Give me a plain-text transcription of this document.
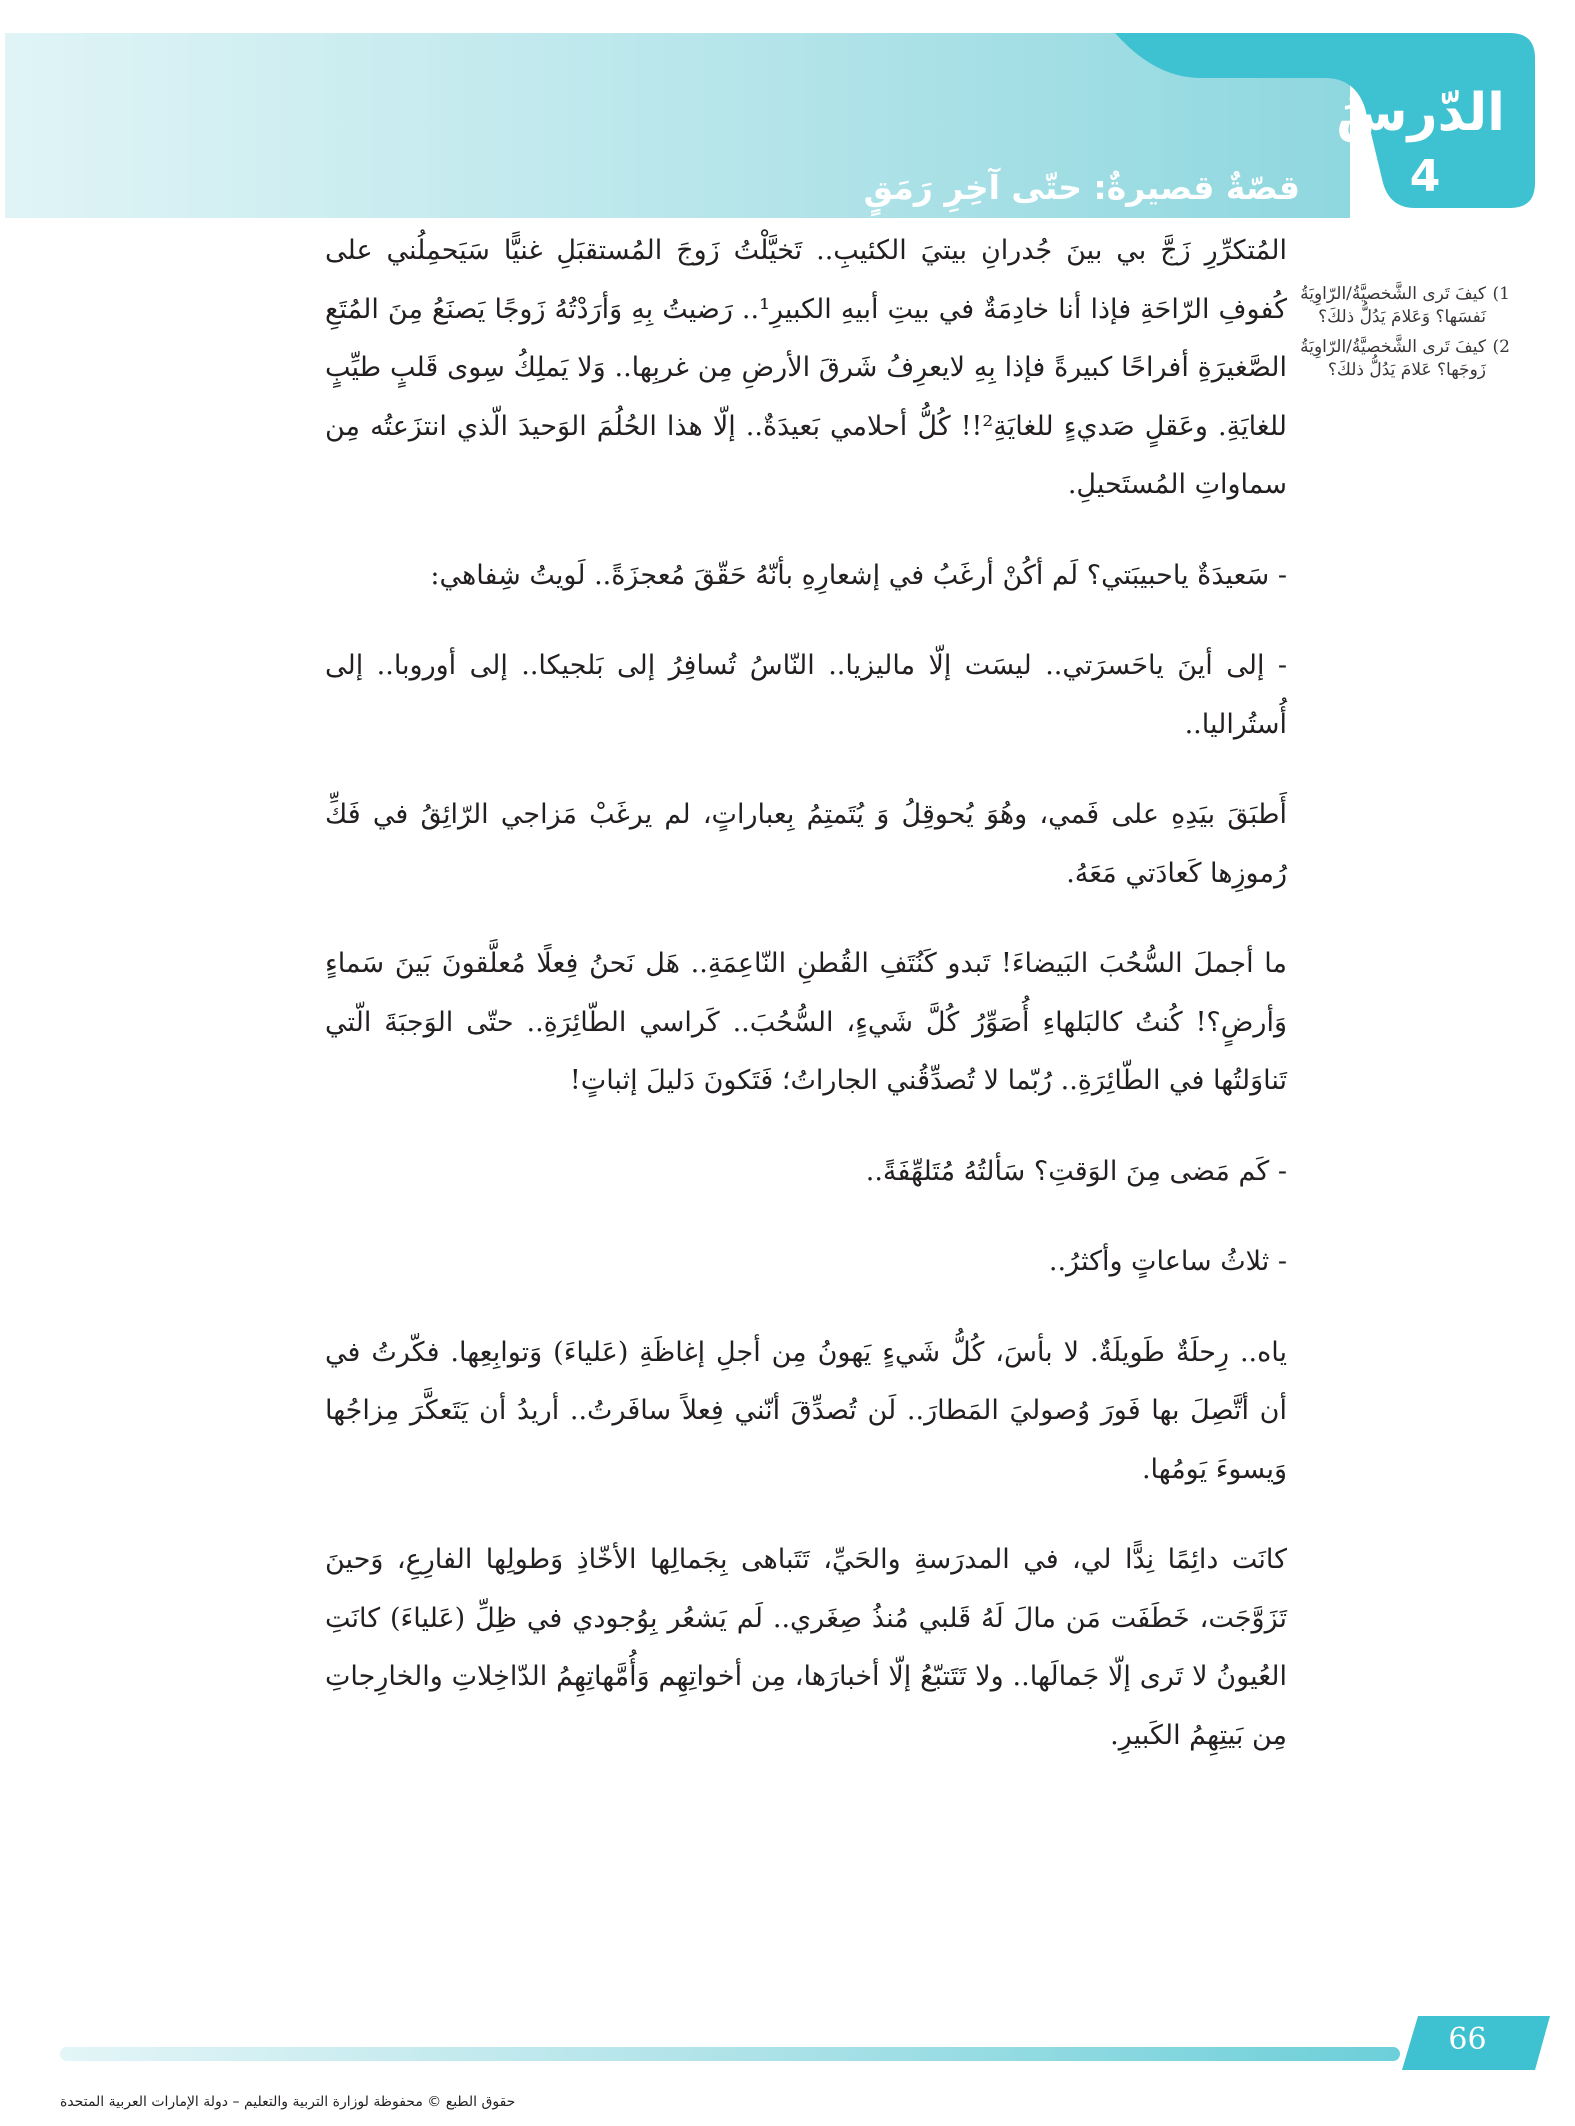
الدّرسُ
4
قصّةٌ قصيرةٌ: حتّى آخِرِ رَمَقٍ

المُتكرِّرِ زَجَّ بي بينَ جُدرانِ بيتيَ الكئيبِ.. تَخيَّلْتُ زَوجَ المُستقبَلِ غنيًّا سَيَحمِلُني على كُفوفِ الرّاحَةِ فإذا أنا خادِمَةٌ في بيتِ أبيهِ الكبيرِ¹.. رَضيتُ بِهِ وَأرَدْتُهُ زَوجًا يَصنَعُ مِنَ المُتَعِ الصَّغيرَةِ أفراحًا كبيرةً فإذا بِهِ لايعرِفُ شَرقَ الأرضِ مِن غربِها.. وَلا يَملِكُ سِوى قَلبٍ طيِّبٍ للغايَةِ. وعَقلٍ صَديءٍ للغايَةِ²!! كُلُّ أحلامي بَعيدَةٌ.. إلّا هذا الحُلُمَ الوَحيدَ الّذي انتزَعتُه مِن سماواتِ المُستَحيلِ.

- سَعيدَةٌ ياحبيبَتي؟ لَم أكُنْ أرغَبُ في إشعارِهِ بأنّهُ حَقّقَ مُعجزَةً.. لَويتُ شِفاهي:

- إلى أينَ ياحَسرَتي.. ليسَت إلّا ماليزيا.. النّاسُ تُسافِرُ إلى بَلجيكا.. إلى أوروبا.. إلى أُستُراليا..

أَطبَقَ بيَدِهِ على فَمي، وهُوَ يُحوقِلُ وَ يُتَمتِمُ بِعباراتٍ، لم يرغَبْ مَزاجي الرّائِقُ في فَكِّ رُموزِها كَعادَتي مَعَهُ.

ما أجملَ السُّحُبَ البَيضاءَ! تَبدو كَنُتَفِ القُطنِ النّاعِمَةِ.. هَل نَحنُ فِعلًا مُعلَّقونَ بَينَ سَماءٍ وَأرضٍ؟! كُنتُ كالبَلهاءِ أُصَوِّرُ كُلَّ شَيءٍ، السُّحُبَ.. كَراسي الطّائِرَةِ.. حتّى الوَجبَةَ الّتي تَناوَلتُها في الطّائِرَةِ.. رُبّما لا تُصدِّقُني الجاراتُ؛ فَتَكونَ دَليلَ إثباتٍ!

- كَم مَضى مِنَ الوَقتِ؟ سَألتُهُ مُتَلهِّفَةً..

- ثلاثُ ساعاتٍ وأكثرُ..

ياه.. رِحلَةٌ طَويلَةٌ. لا بأسَ، كُلُّ شَيءٍ يَهونُ مِن أجلِ إغاظَةِ (عَلياءَ) وَتوابِعِها. فكّرتُ في أن أتَّصِلَ بها فَورَ وُصوليَ المَطارَ.. لَن تُصدِّقَ أنّني فِعلاً سافَرتُ.. أريدُ أن يَتَعكَّرَ مِزاجُها وَيسوءَ يَومُها.

كانَت دائِمًا نِدًّا لي، في المدرَسةِ والحَيِّ، تَتَباهى بِجَمالِها الأخّاذِ وَطولِها الفارِعِ، وَحينَ تَزَوَّجَت، خَطَفَت مَن مالَ لَهُ قَلبي مُنذُ صِغَري.. لَم يَشعُر بِوُجودي في ظِلِّ (عَلياءَ) كانَتِ العُيونُ لا تَرى إلّا جَمالَها.. ولا تَتَتبّعُ إلّا أخبارَها، مِن أخواتِهِم وَأُمَّهاتِهِمُ الدّاخِلاتِ والخارِجاتِ مِن بَيتِهِمُ الكَبيرِ.

1)
كيفَ تَرى الشَّخصيَّةُ/الرّاوِيَةُ نَفسَها؟ وَعَلامَ يَدُلُّ ذلكَ؟
2)
كيفَ تَرى الشَّخصيَّةُ/الرّاوِيَةُ زَوجَها؟ عَلامَ يَدُلُّ ذلكَ؟
66
حقوق الطبع © محفوظة لوزارة التربية والتعليم – دولة الإمارات العربية المتحدة
